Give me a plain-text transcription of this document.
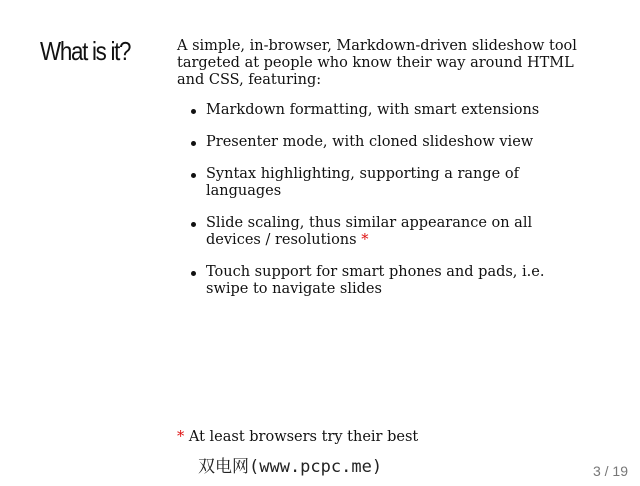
What is it?	A simple, in-browser, Markdown-driven slideshow tool targeted at people who know their way around HTML and CSS, featuring:

Markdown formatting, with smart extensions
Presenter mode, with cloned slideshow view
Syntax highlighting, supporting a range of languages
Slide scaling, thus similar appearance on all devices / resolutions *
Touch support for smart phones and pads, i.e. swipe to navigate slides
* At least browsers try their best
双电网(www.pcpc.me)	3 / 19
